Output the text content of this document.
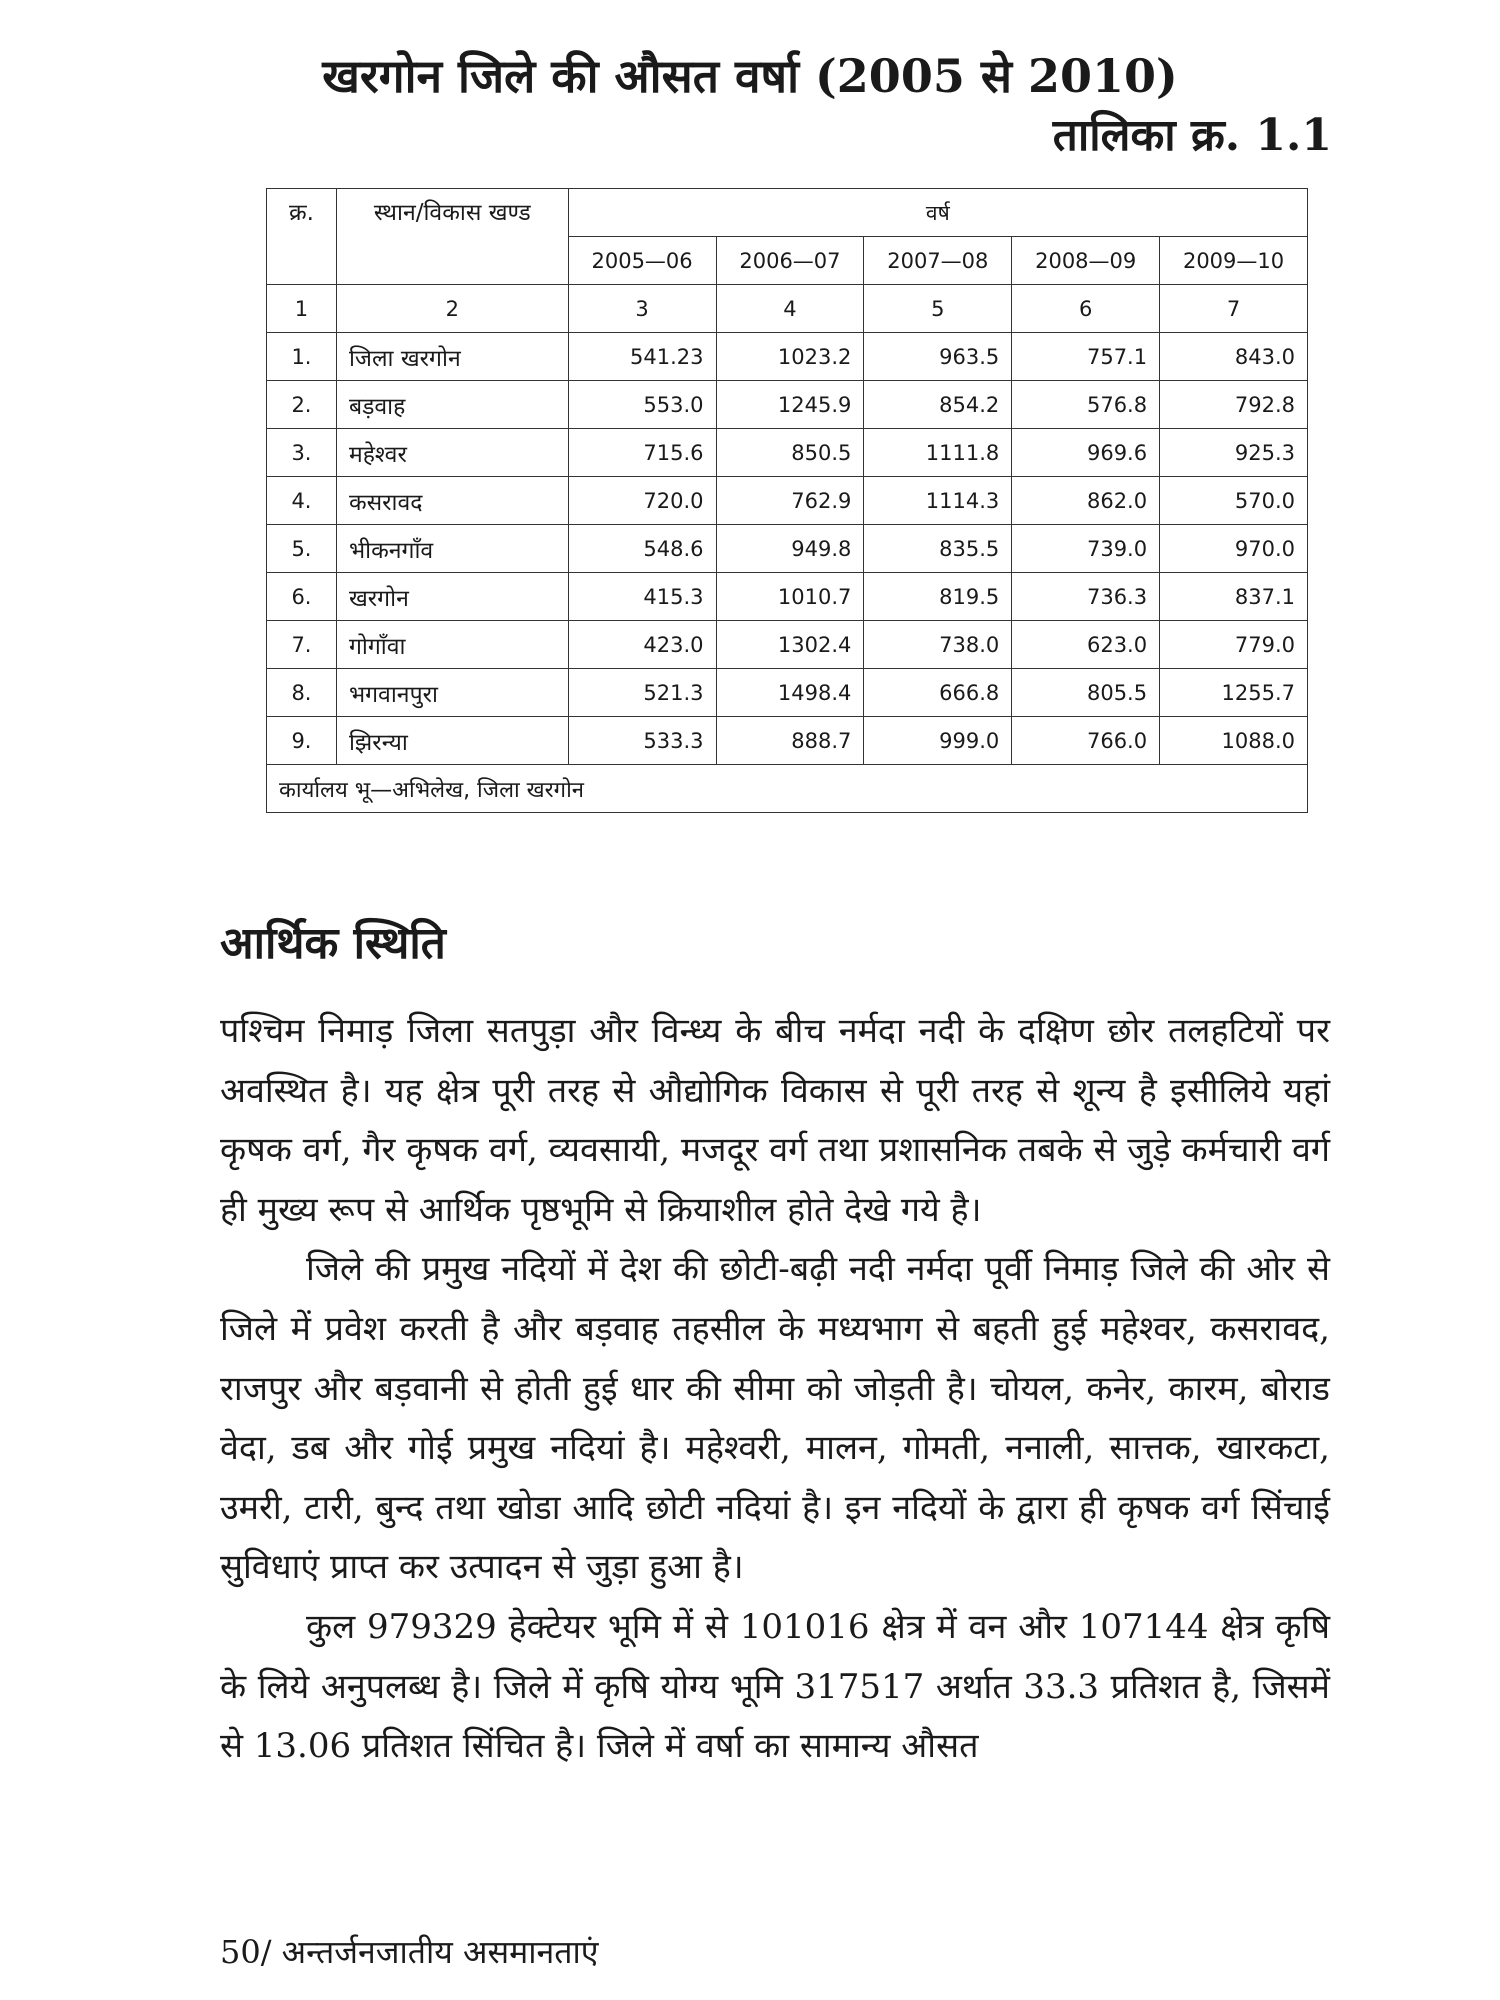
खरगोन जिले की औसत वर्षा (2005 से 2010)
तालिका क्र. 1.1
क्र.	स्थान/विकास खण्ड	वर्ष				
		2005—06	2006—07	2007—08	2008—09	2009—10
1	2	3	4	5	6	7
1.	जिला खरगोन	541.23	1023.2	963.5	757.1	843.0
2.	बड़वाह	553.0	1245.9	854.2	576.8	792.8
3.	महेश्वर	715.6	850.5	1111.8	969.6	925.3
4.	कसरावद	720.0	762.9	1114.3	862.0	570.0
5.	भीकनगाँव	548.6	949.8	835.5	739.0	970.0
6.	खरगोन	415.3	1010.7	819.5	736.3	837.1
7.	गोगाँवा	423.0	1302.4	738.0	623.0	779.0
8.	भगवानपुरा	521.3	1498.4	666.8	805.5	1255.7
9.	झिरन्या	533.3	888.7	999.0	766.0	1088.0
कार्यालय भू—अभिलेख, जिला खरगोन						
आर्थिक स्थिति

पश्चिम निमाड़ जिला सतपुड़ा और विन्ध्य के बीच नर्मदा नदी के दक्षिण छोर तलहटियों पर अवस्थित है। यह क्षेत्र पूरी तरह से औद्योगिक विकास से पूरी तरह से शून्य है इसीलिये यहां कृषक वर्ग, गैर कृषक वर्ग, व्यवसायी, मजदूर वर्ग तथा प्रशासनिक तबके से जुड़े कर्मचारी वर्ग ही मुख्य रूप से आर्थिक पृष्ठभूमि से क्रियाशील होते देखे गये है।

जिले की प्रमुख नदियों में देश की छोटी-बढ़ी नदी नर्मदा पूर्वी निमाड़ जिले की ओर से जिले में प्रवेश करती है और बड़वाह तहसील के मध्यभाग से बहती हुई महेश्वर, कसरावद, राजपुर और बड़वानी से होती हुई धार की सीमा को जोड़ती है। चोयल, कनेर, कारम, बोराड वेदा, डब और गोई प्रमुख नदियां है। महेश्वरी, मालन, गोमती, ननाली, सात्तक, खारकटा, उमरी, टारी, बुन्द तथा खोडा आदि छोटी नदियां है। इन नदियों के द्वारा ही कृषक वर्ग सिंचाई सुविधाएं प्राप्त कर उत्पादन से जुड़ा हुआ है।

कुल 979329 हेक्टेयर भूमि में से 101016 क्षेत्र में वन और 107144 क्षेत्र कृषि के लिये अनुपलब्ध है। जिले में कृषि योग्य भूमि 317517 अर्थात 33.3 प्रतिशत है, जिसमें से 13.06 प्रतिशत सिंचित है। जिले में वर्षा का सामान्य औसत

50/ अन्तर्जनजातीय असमानताएं
